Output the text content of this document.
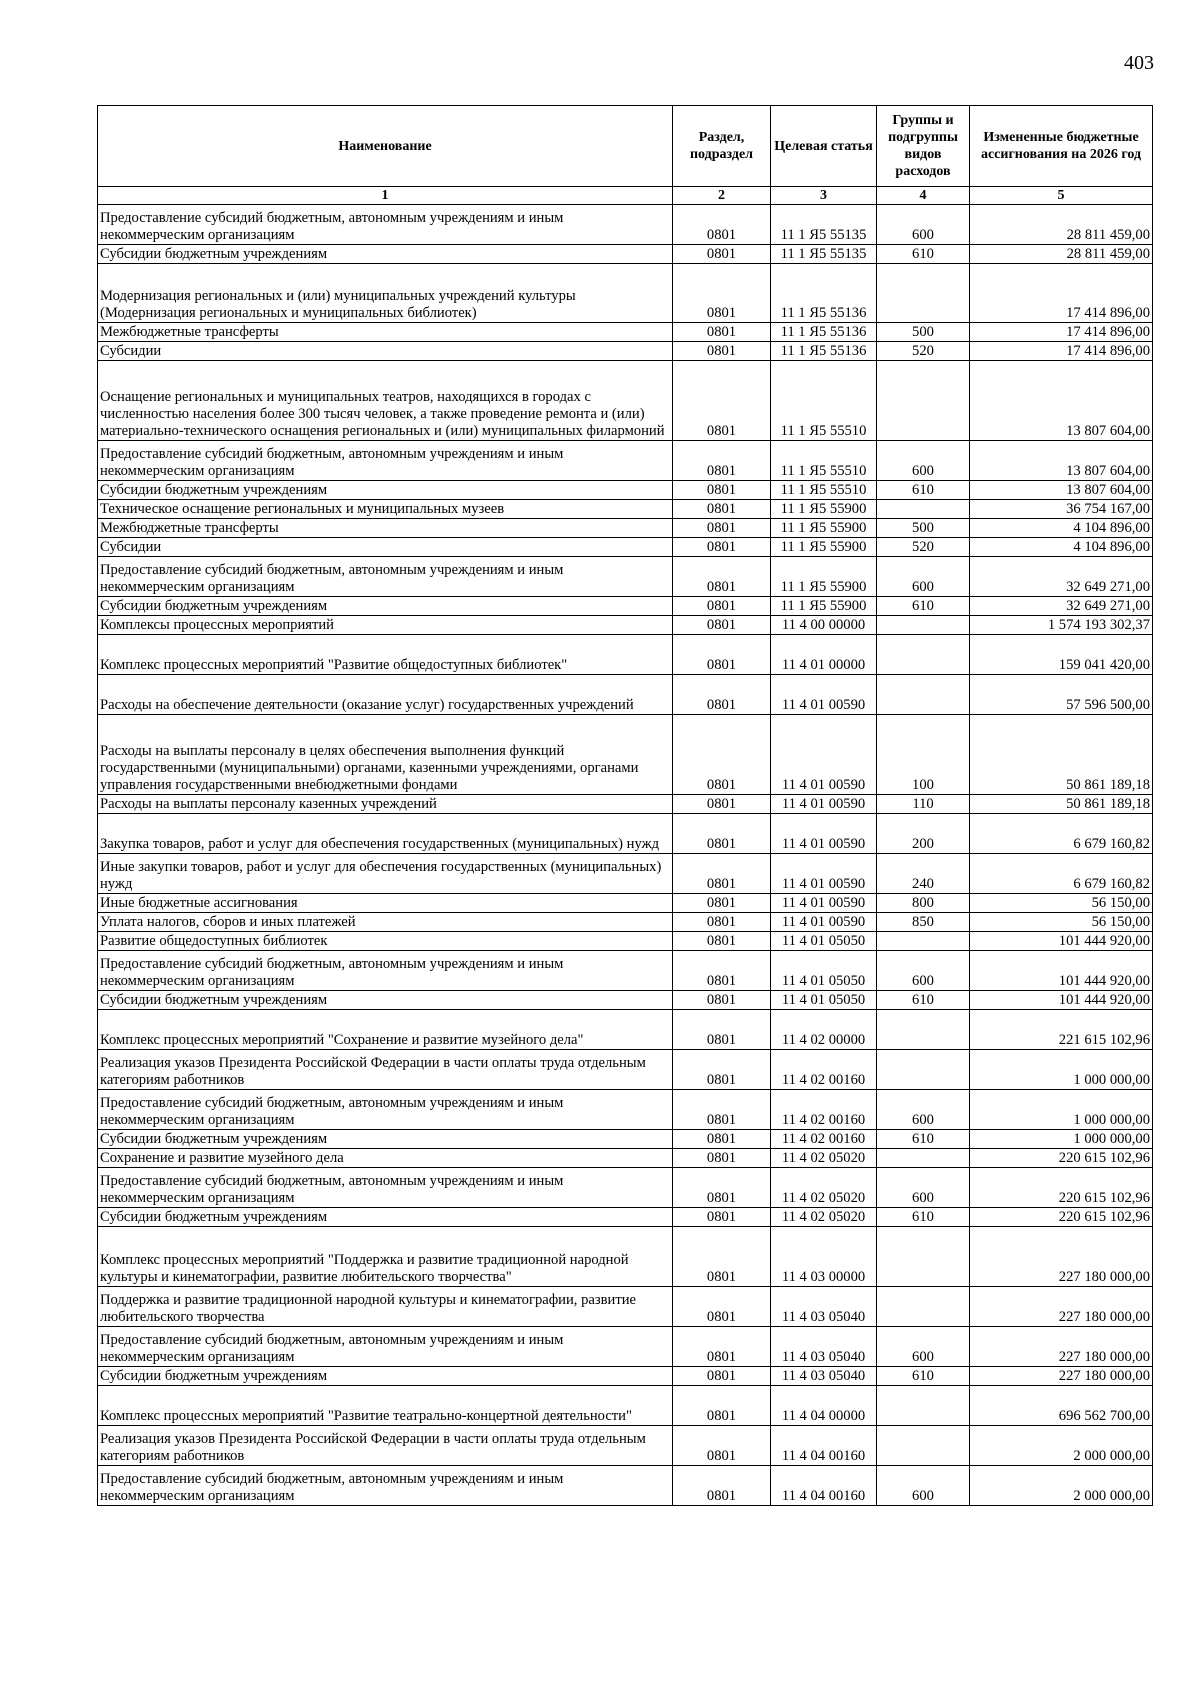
403
Наименование	Раздел, подраздел	Целевая статья	Группы и подгруппы видов расходов	Измененные бюджетные ассигнования на 2026 год
1	2	3	4	5
Предоставление субсидий бюджетным, автономным учреждениям и иным некоммерческим организациям	0801	11 1 Я5 55135	600	28 811 459,00
Субсидии бюджетным учреждениям	0801	11 1 Я5 55135	610	28 811 459,00
Модернизация региональных и (или) муниципальных учреждений культуры (Модернизация региональных и муниципальных библиотек)	0801	11 1 Я5 55136		17 414 896,00
Межбюджетные трансферты	0801	11 1 Я5 55136	500	17 414 896,00
Субсидии	0801	11 1 Я5 55136	520	17 414 896,00
Оснащение региональных и муниципальных театров, находящихся в городах с численностью населения более 300 тысяч человек, а также проведение ремонта и (или) материально-технического оснащения региональных и (или) муниципальных филармоний	0801	11 1 Я5 55510		13 807 604,00
Предоставление субсидий бюджетным, автономным учреждениям и иным некоммерческим организациям	0801	11 1 Я5 55510	600	13 807 604,00
Субсидии бюджетным учреждениям	0801	11 1 Я5 55510	610	13 807 604,00
Техническое оснащение региональных и муниципальных музеев	0801	11 1 Я5 55900		36 754 167,00
Межбюджетные трансферты	0801	11 1 Я5 55900	500	4 104 896,00
Субсидии	0801	11 1 Я5 55900	520	4 104 896,00
Предоставление субсидий бюджетным, автономным учреждениям и иным некоммерческим организациям	0801	11 1 Я5 55900	600	32 649 271,00
Субсидии бюджетным учреждениям	0801	11 1 Я5 55900	610	32 649 271,00
Комплексы процессных мероприятий	0801	11 4 00 00000		1 574 193 302,37
Комплекс процессных мероприятий "Развитие общедоступных библиотек"	0801	11 4 01 00000		159 041 420,00
Расходы на обеспечение деятельности (оказание услуг) государственных учреждений	0801	11 4 01 00590		57 596 500,00
Расходы на выплаты персоналу в целях обеспечения выполнения функций государственными (муниципальными) органами, казенными учреждениями, органами управления государственными внебюджетными фондами	0801	11 4 01 00590	100	50 861 189,18
Расходы на выплаты персоналу казенных учреждений	0801	11 4 01 00590	110	50 861 189,18
Закупка товаров, работ и услуг для обеспечения государственных (муниципальных) нужд	0801	11 4 01 00590	200	6 679 160,82
Иные закупки товаров, работ и услуг для обеспечения государственных (муниципальных) нужд	0801	11 4 01 00590	240	6 679 160,82
Иные бюджетные ассигнования	0801	11 4 01 00590	800	56 150,00
Уплата налогов, сборов и иных платежей	0801	11 4 01 00590	850	56 150,00
Развитие общедоступных библиотек	0801	11 4 01 05050		101 444 920,00
Предоставление субсидий бюджетным, автономным учреждениям и иным некоммерческим организациям	0801	11 4 01 05050	600	101 444 920,00
Субсидии бюджетным учреждениям	0801	11 4 01 05050	610	101 444 920,00
Комплекс процессных мероприятий "Сохранение и развитие музейного дела"	0801	11 4 02 00000		221 615 102,96
Реализация указов Президента Российской Федерации в части оплаты труда отдельным категориям работников	0801	11 4 02 00160		1 000 000,00
Предоставление субсидий бюджетным, автономным учреждениям и иным некоммерческим организациям	0801	11 4 02 00160	600	1 000 000,00
Субсидии бюджетным учреждениям	0801	11 4 02 00160	610	1 000 000,00
Сохранение и развитие музейного дела	0801	11 4 02 05020		220 615 102,96
Предоставление субсидий бюджетным, автономным учреждениям и иным некоммерческим организациям	0801	11 4 02 05020	600	220 615 102,96
Субсидии бюджетным учреждениям	0801	11 4 02 05020	610	220 615 102,96
Комплекс процессных мероприятий "Поддержка и развитие традиционной народной культуры и кинематографии, развитие любительского творчества"	0801	11 4 03 00000		227 180 000,00
Поддержка и развитие традиционной народной культуры и кинематографии, развитие любительского творчества	0801	11 4 03 05040		227 180 000,00
Предоставление субсидий бюджетным, автономным учреждениям и иным некоммерческим организациям	0801	11 4 03 05040	600	227 180 000,00
Субсидии бюджетным учреждениям	0801	11 4 03 05040	610	227 180 000,00
Комплекс процессных мероприятий "Развитие театрально-концертной деятельности"	0801	11 4 04 00000		696 562 700,00
Реализация указов Президента Российской Федерации в части оплаты труда отдельным категориям работников	0801	11 4 04 00160		2 000 000,00
Предоставление субсидий бюджетным, автономным учреждениям и иным некоммерческим организациям	0801	11 4 04 00160	600	2 000 000,00
